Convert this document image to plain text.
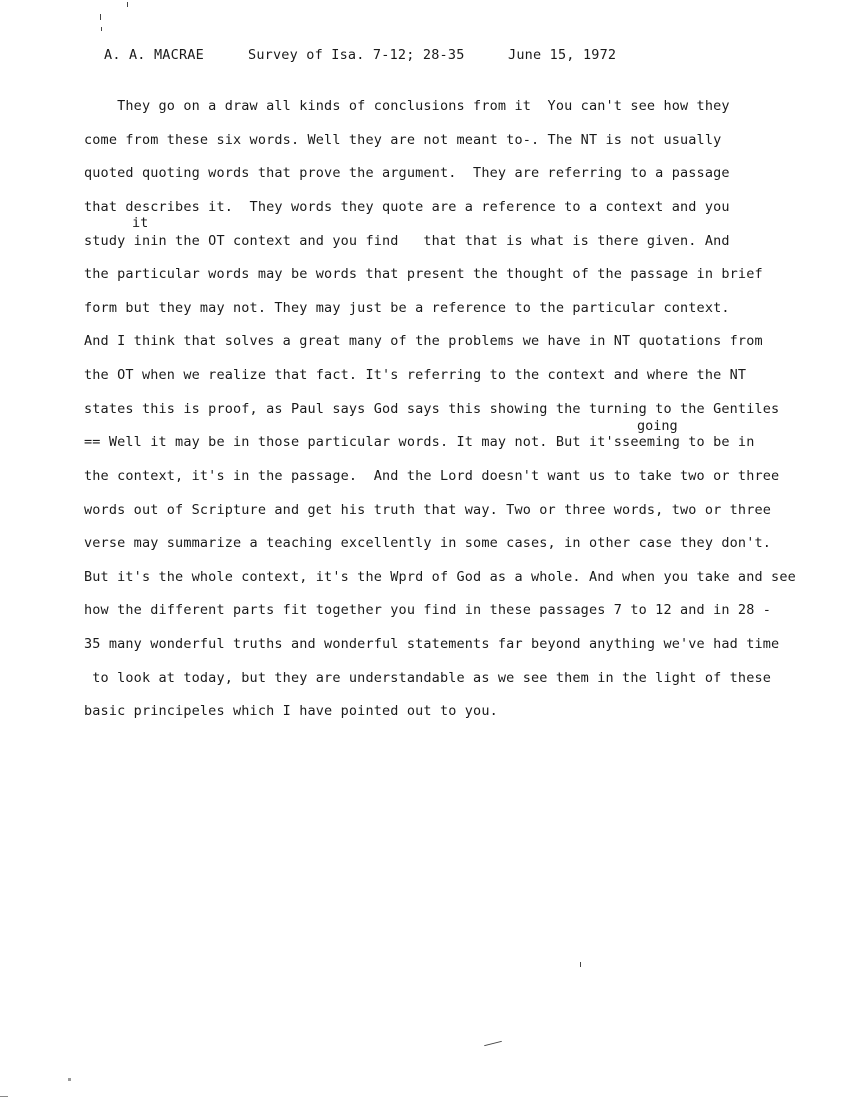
A. A. MACRAE

	Survey of Isa. 7-12; 28-35

	June 15, 1972

They go on a draw all kinds of conclusions from it  You can't see how they
come from these six words. Well they are not meant to-. The NT is not usually
quoted quoting words that prove the argument.  They are referring to a passage
that describes it.  They words they quote are a reference to a context and you
study inin the OT context and you find   that that is what is there given. And
the particular words may be words that present the thought of the passage in brief
form but they may not. They may just be a reference to the particular context.
And I think that solves a great many of the problems we have in NT quotations from
the OT when we realize that fact. It's referring to the context and where the NT
states this is proof, as Paul says God says this showing the turning to the Gentiles
== Well it may be in those particular words. It may not. But it'sseeming to be in
the context, it's in the passage.  And the Lord doesn't want us to take two or three
words out of Scripture and get his truth that way. Two or three words, two or three
verse may summarize a teaching excellently in some cases, in other case they don't.
But it's the whole context, it's the Wprd of God as a whole. And when you take and see
how the different parts fit together you find in these passages 7 to 12 and in 28 -
35 many wonderful truths and wonderful statements far beyond anything we've had time
to look at today, but they are understandable as we see them in the light of these
basic principeles which I have pointed out to you.
it
going
